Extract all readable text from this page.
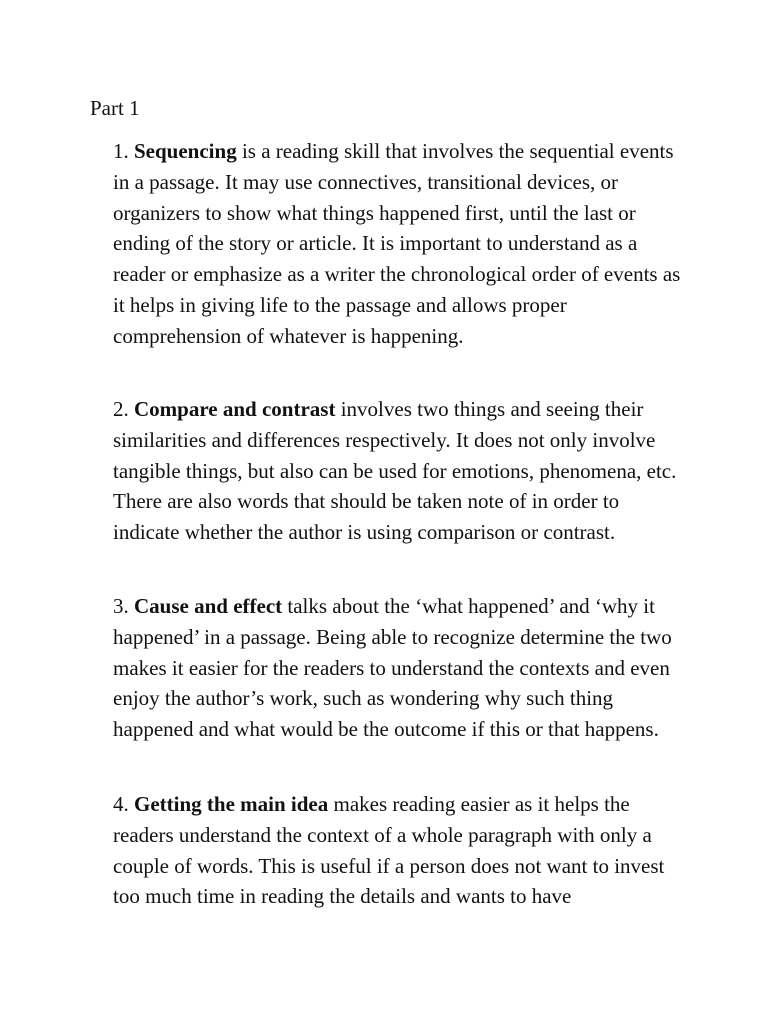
Part 1

1. Sequencing is a reading skill that involves the sequential events in a passage. It may use connectives, transitional devices, or organizers to show what things happened first, until the last or ending of the story or article. It is important to understand as a reader or emphasize as a writer the chronological order of events as it helps in giving life to the passage and allows proper comprehension of whatever is happening.

2. Compare and contrast involves two things and seeing their similarities and differences respectively. It does not only involve tangible things, but also can be used for emotions, phenomena, etc. There are also words that should be taken note of in order to indicate whether the author is using comparison or contrast.

3. Cause and effect talks about the ‘what happened’ and ‘why it happened’ in a passage. Being able to recognize determine the two makes it easier for the readers to understand the contexts and even enjoy the author’s work, such as wondering why such thing happened and what would be the outcome if this or that happens.

4. Getting the main idea makes reading easier as it helps the readers understand the context of a whole paragraph with only a couple of words. This is useful if a person does not want to invest too much time in reading the details and wants to have
